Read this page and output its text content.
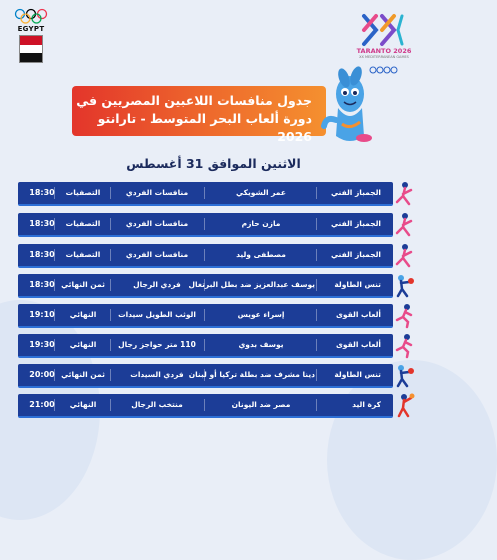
EGYPT
TARANTO 2026
XX MEDITERRANEAN GAMES
جدول منافسات اللاعبين المصريين في
دورة ألعاب البحر المتوسط - تارانتو 2026
الاثنين الموافق 31 أغسطس
الجمباز الفني
عمر الشويكي
منافسات الفردي
التصفيات
18:30
الجمباز الفني
مازن حازم
منافسات الفردي
التصفيات
18:30
الجمباز الفني
مصطفى وليد
منافسات الفردي
التصفيات
18:30
تنس الطاولة
يوسف عبدالعزيز ضد بطل البرتغال
فردي الرجال
ثمن النهائي
18:30
ألعاب القوى
إسراء عويس
الوثب الطويل سيدات
النهائي
19:10
ألعاب القوى
يوسف بدوي
110 متر حواجز رجال
النهائي
19:30
تنس الطاولة
دينا مشرف ضد بطلة تركيا أو لبنان
فردي السيدات
ثمن النهائي
20:00
كرة اليد
مصر ضد اليونان
منتخب الرجال
النهائي
21:00
